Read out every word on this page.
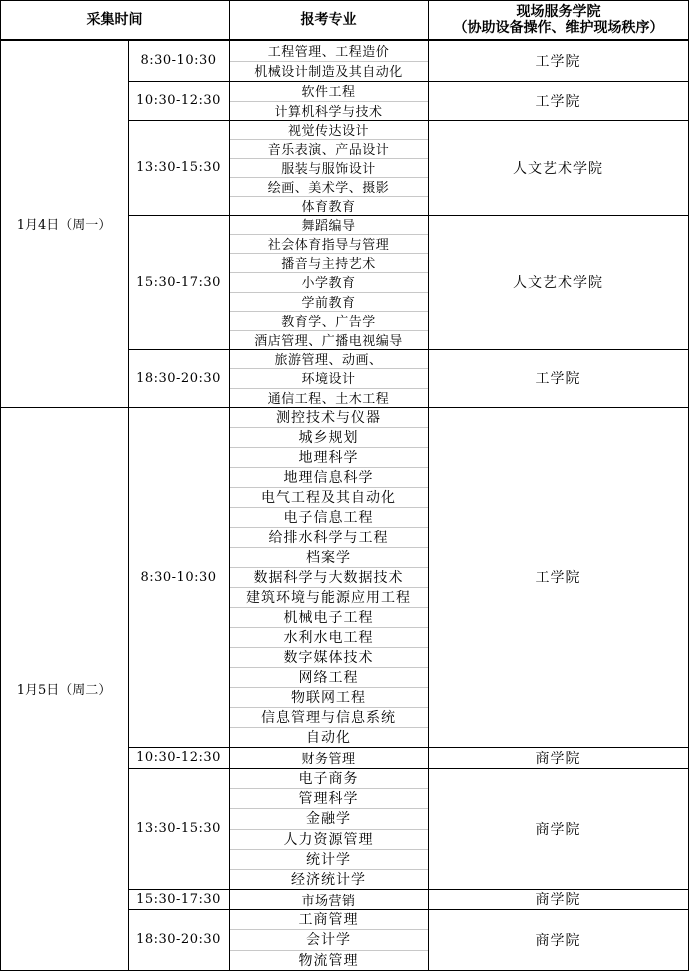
采集时间	报考专业	现场服务学院
（协助设备操作、维护现场秩序）
1月4日（周一）
8:30-10:30	工学院
工程管理、工程造价
机械设计制造及其自动化
10:30-12:30	工学院
软件工程
计算机科学与技术
13:30-15:30	人文艺术学院
视觉传达设计
音乐表演、产品设计
服装与服饰设计
绘画、美术学、摄影
体育教育
15:30-17:30	人文艺术学院
舞蹈编导
社会体育指导与管理
播音与主持艺术
小学教育
学前教育
教育学、广告学
酒店管理、广播电视编导
18:30-20:30	工学院
旅游管理、动画、
环境设计
通信工程、土木工程
1月5日（周二）
8:30-10:30	工学院
测控技术与仪器
城乡规划
地理科学
地理信息科学
电气工程及其自动化
电子信息工程
给排水科学与工程
档案学
数据科学与大数据技术
建筑环境与能源应用工程
机械电子工程
水利水电工程
数字媒体技术
网络工程
物联网工程
信息管理与信息系统
自动化
10:30-12:30	商学院
财务管理
13:30-15:30	商学院
电子商务
管理科学
金融学
人力资源管理
统计学
经济统计学
15:30-17:30	商学院
市场营销
18:30-20:30	商学院
工商管理
会计学
物流管理
